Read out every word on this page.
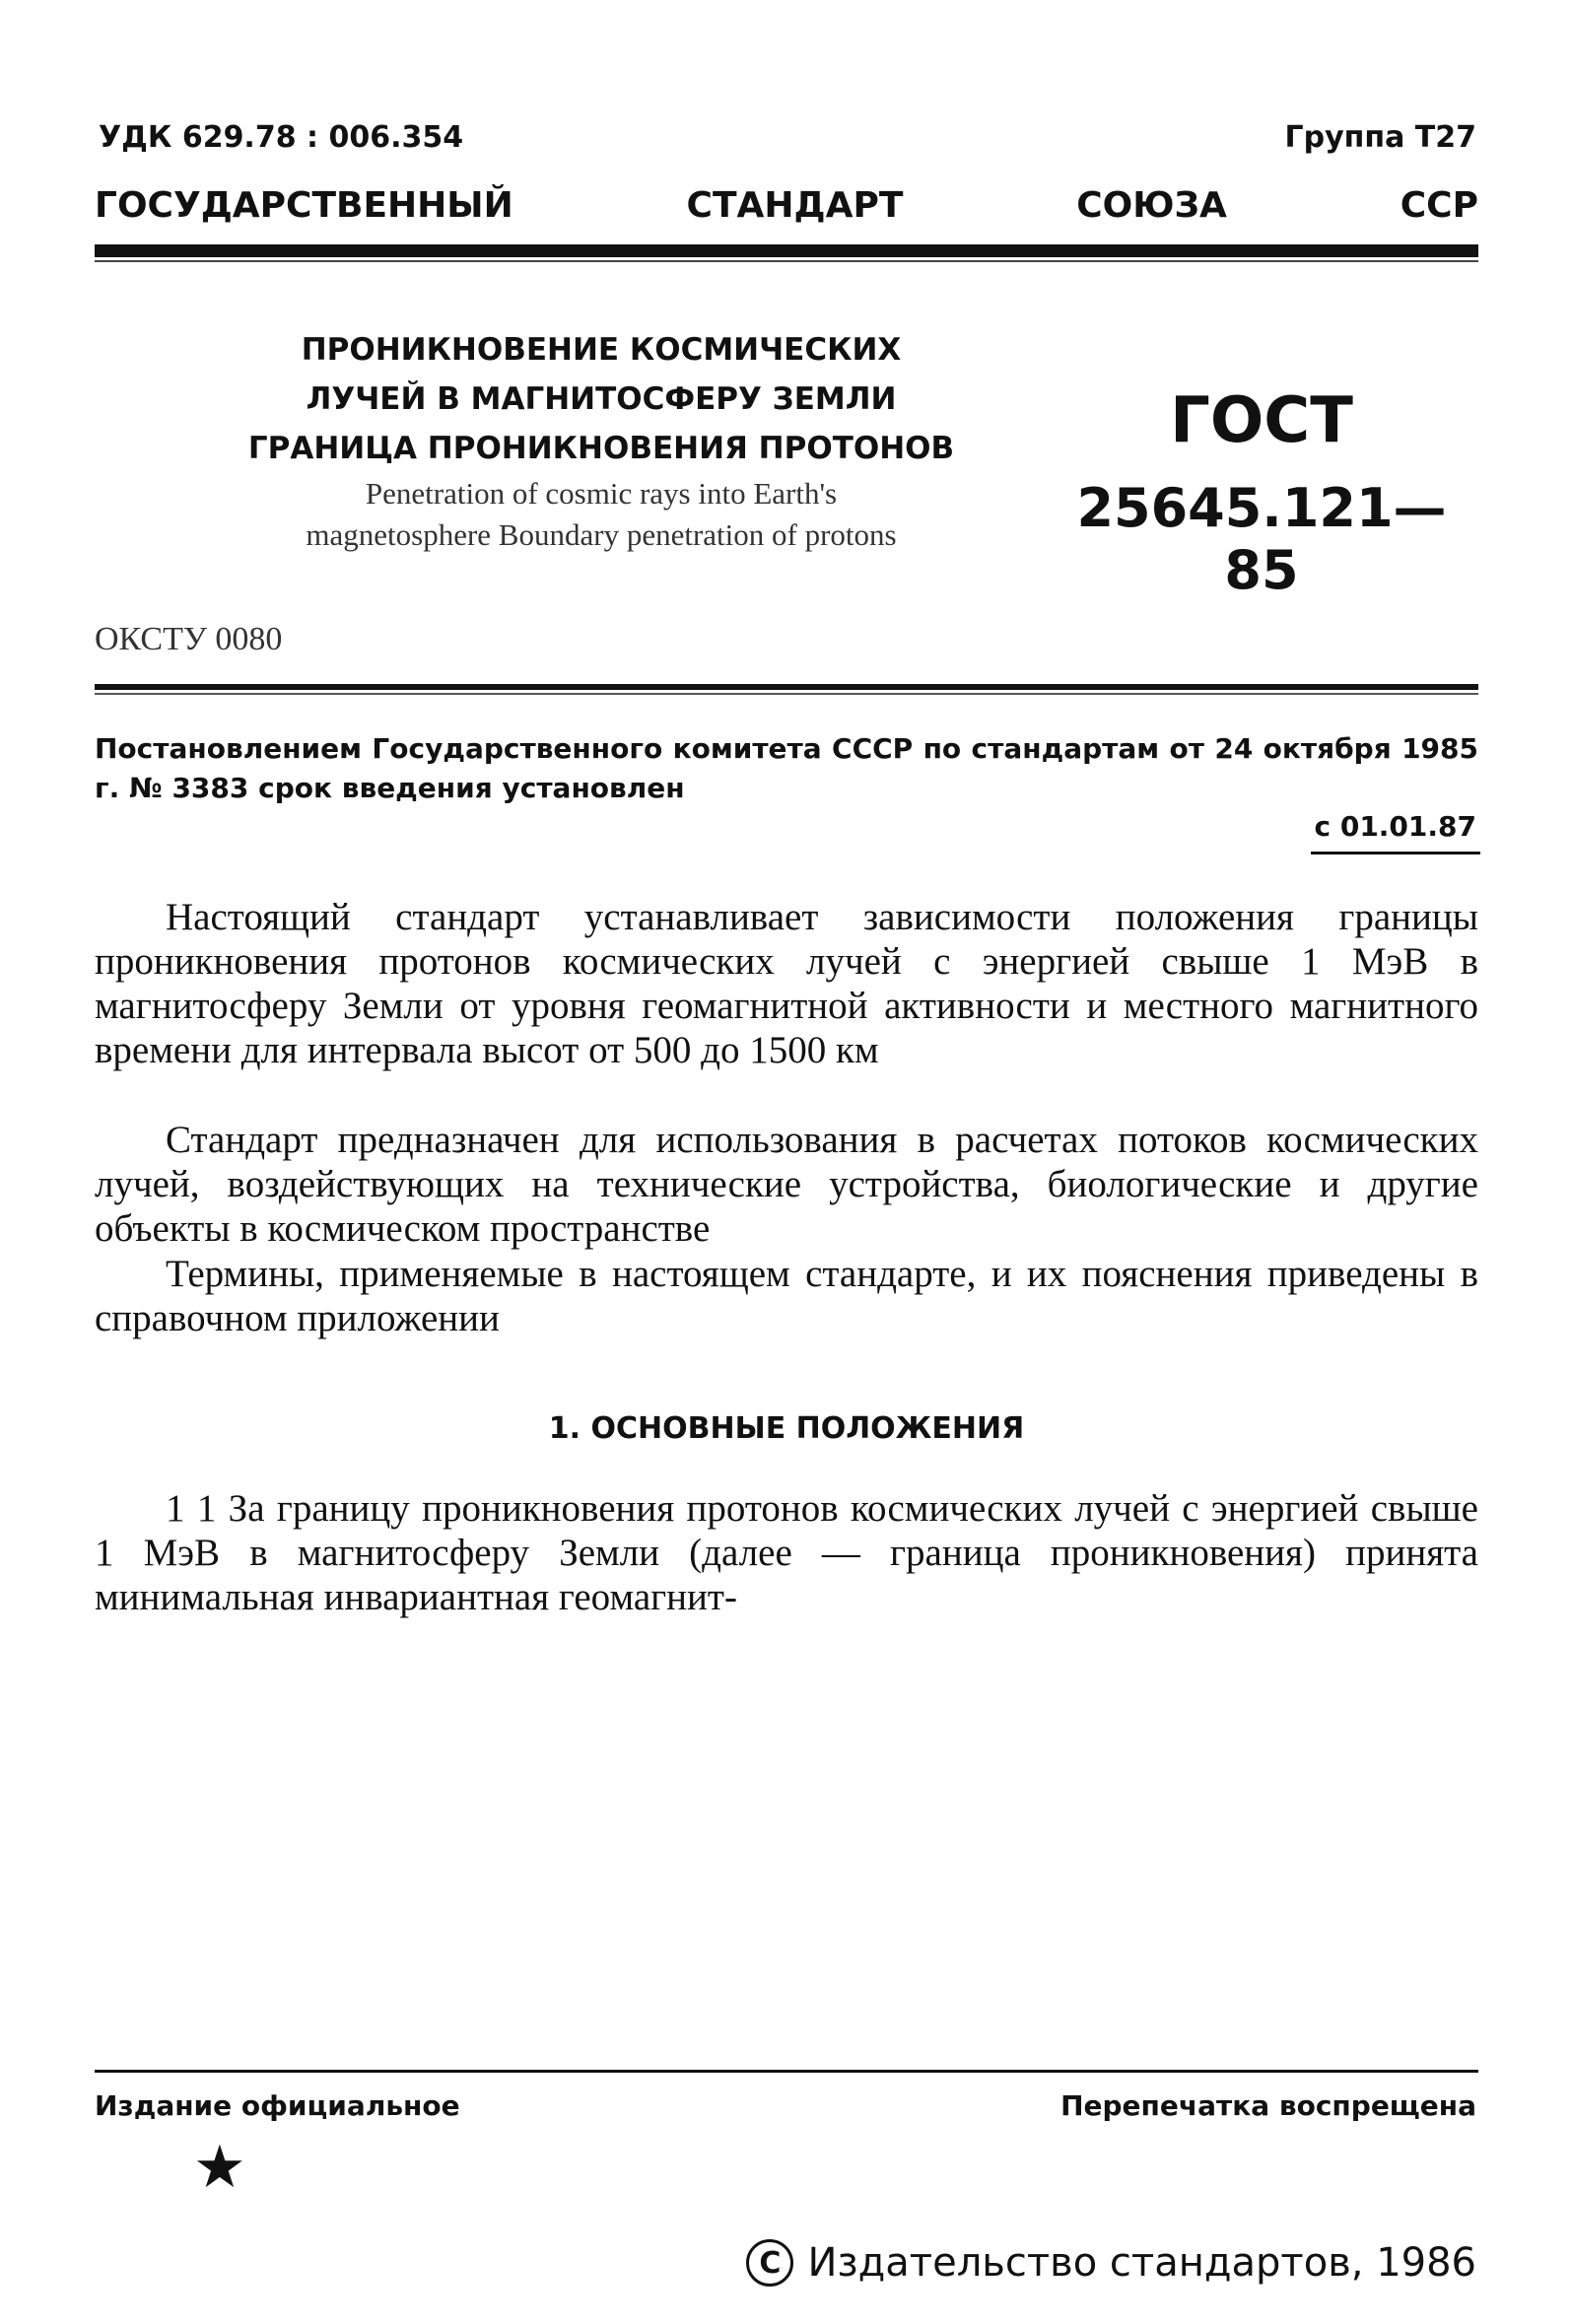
УДК 629.78 : 006.354	Группа Т27
ГОСУДАРСТВЕННЫЙ	СТАНДАРТ	СОЮЗА	ССР
ПРОНИКНОВЕНИЕ КОСМИЧЕСКИХ
ЛУЧЕЙ В МАГНИТОСФЕРУ ЗЕМЛИ
ГРАНИЦА ПРОНИКНОВЕНИЯ ПРОТОНОВ
Penetration of cosmic rays into Earth's
magnetosphere Boundary penetration of protons
ГОСТ
25645.121—85
ОКСТУ 0080
Постановлением Государственного комитета СССР по стандартам от 24 октября 1985 г. № 3383 срок введения установлен
с 01.01.87
Настоящий стандарт устанавливает зависимости положения границы проникновения протонов космических лучей с энергией свыше 1 МэВ в магнитосферу Земли от уровня геомагнитной активности и местного магнитного времени для интервала высот от 500 до 1500 км
Стандарт предназначен для использования в расчетах потоков космических лучей, воздействующих на технические устройства, биологические и другие объекты в космическом пространстве
Термины, применяемые в настоящем стандарте, и их пояснения приведены в справочном приложении
1. ОСНОВНЫЕ ПОЛОЖЕНИЯ
1 1 За границу проникновения протонов космических лучей с энергией свыше 1 МэВ в магнитосферу Земли (далее — граница проникновения) принята минимальная инвариантная геомагнит-
Издание официальное	Перепечатка воспрещена
★
C Издательство стандартов, 1986
